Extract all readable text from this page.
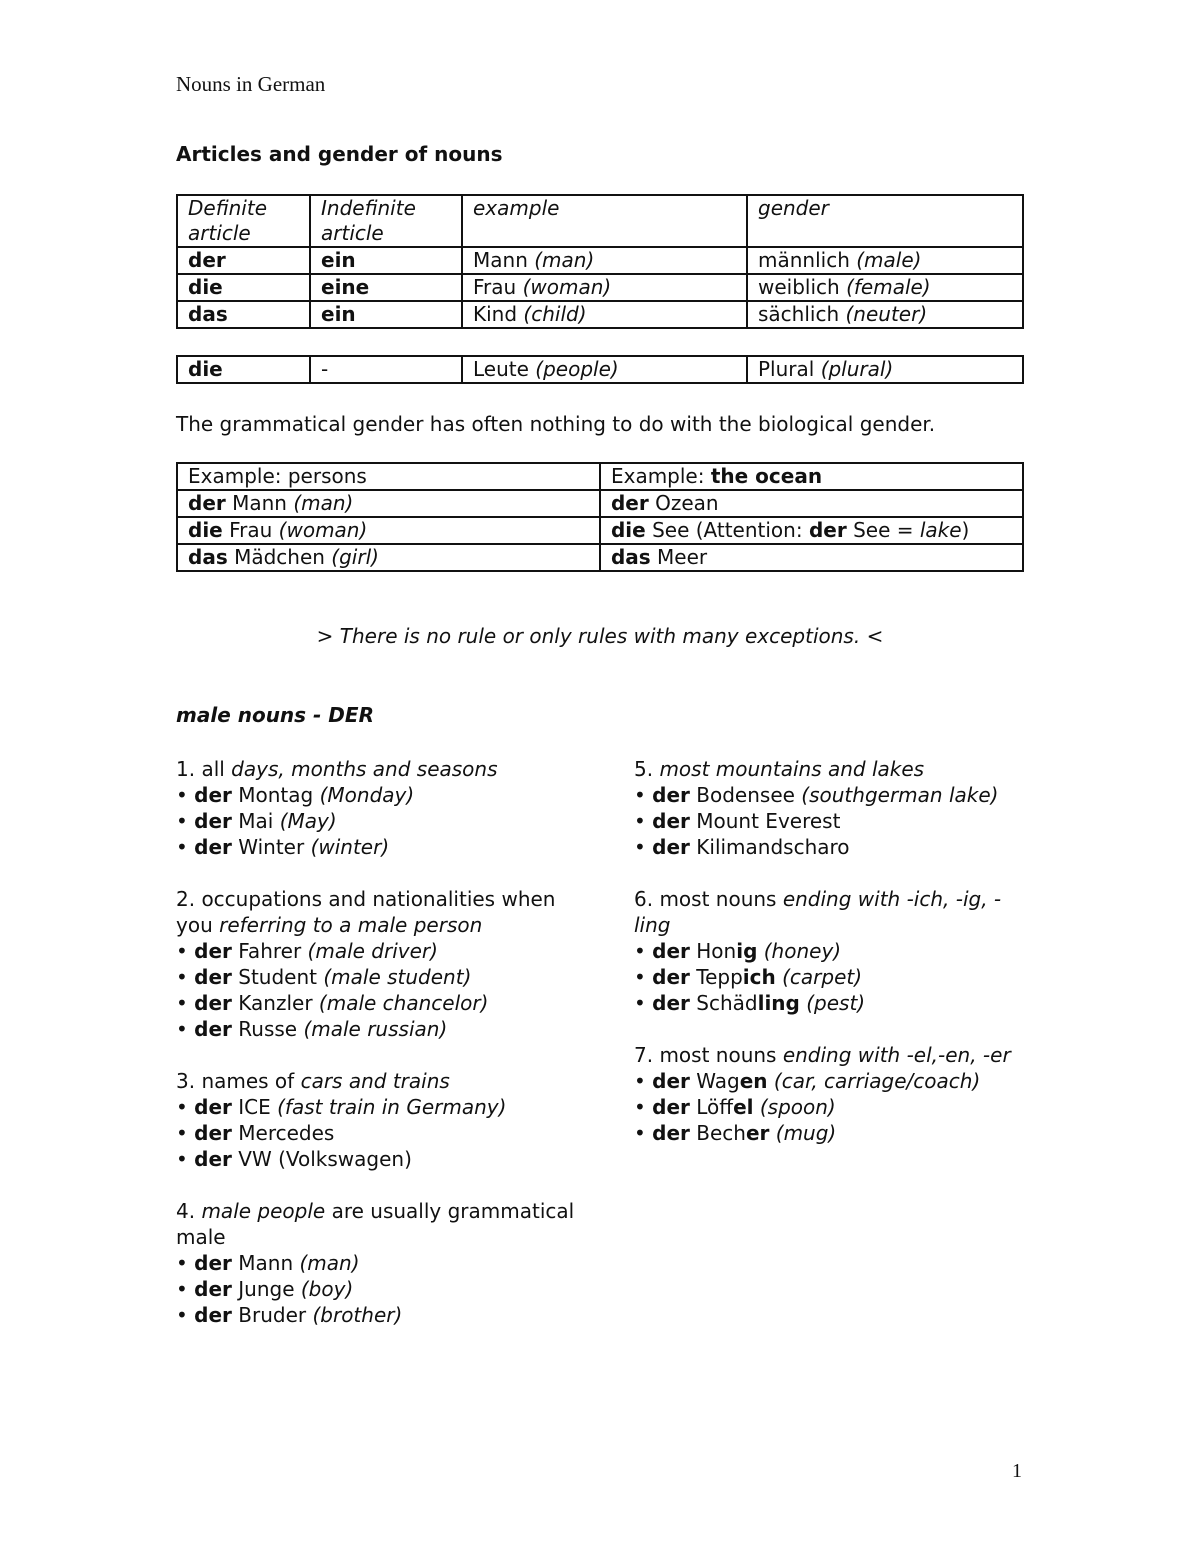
Nouns in German
Articles and gender of nouns
Definite article	Indefinite article	example	gender
der	ein	Mann (man)	männlich (male)
die	eine	Frau (woman)	weiblich (female)
das	ein	Kind (child)	sächlich (neuter)
die	-	Leute (people)	Plural (plural)
The grammatical gender has often nothing to do with the biological gender.
Example: persons	Example: the ocean
der Mann (man)	der Ozean
die Frau (woman)	die See (Attention: der See = lake)
das Mädchen (girl)	das Meer
> There is no rule or only rules with many exceptions. <
male nouns - DER
1. all days, months and seasons
• der Montag (Monday)
• der Mai (May)
• der Winter (winter)
2. occupations and nationalities when you referring to a male person
• der Fahrer (male driver)
• der Student (male student)
• der Kanzler (male chancelor)
• der Russe (male russian)
3. names of cars and trains
• der ICE (fast train in Germany)
• der Mercedes
• der VW (Volkswagen)
4. male people are usually grammatical male
• der Mann (man)
• der Junge (boy)
• der Bruder (brother)
5. most mountains and lakes
• der Bodensee (southgerman lake)
• der Mount Everest
• der Kilimandscharo
6. most nouns ending with -ich, -ig, -ling
• der Honig (honey)
• der Teppich (carpet)
• der Schädling (pest)
7. most nouns ending with -el,-en, -er
• der Wagen (car, carriage/coach)
• der Löffel (spoon)
• der Becher (mug)
1
